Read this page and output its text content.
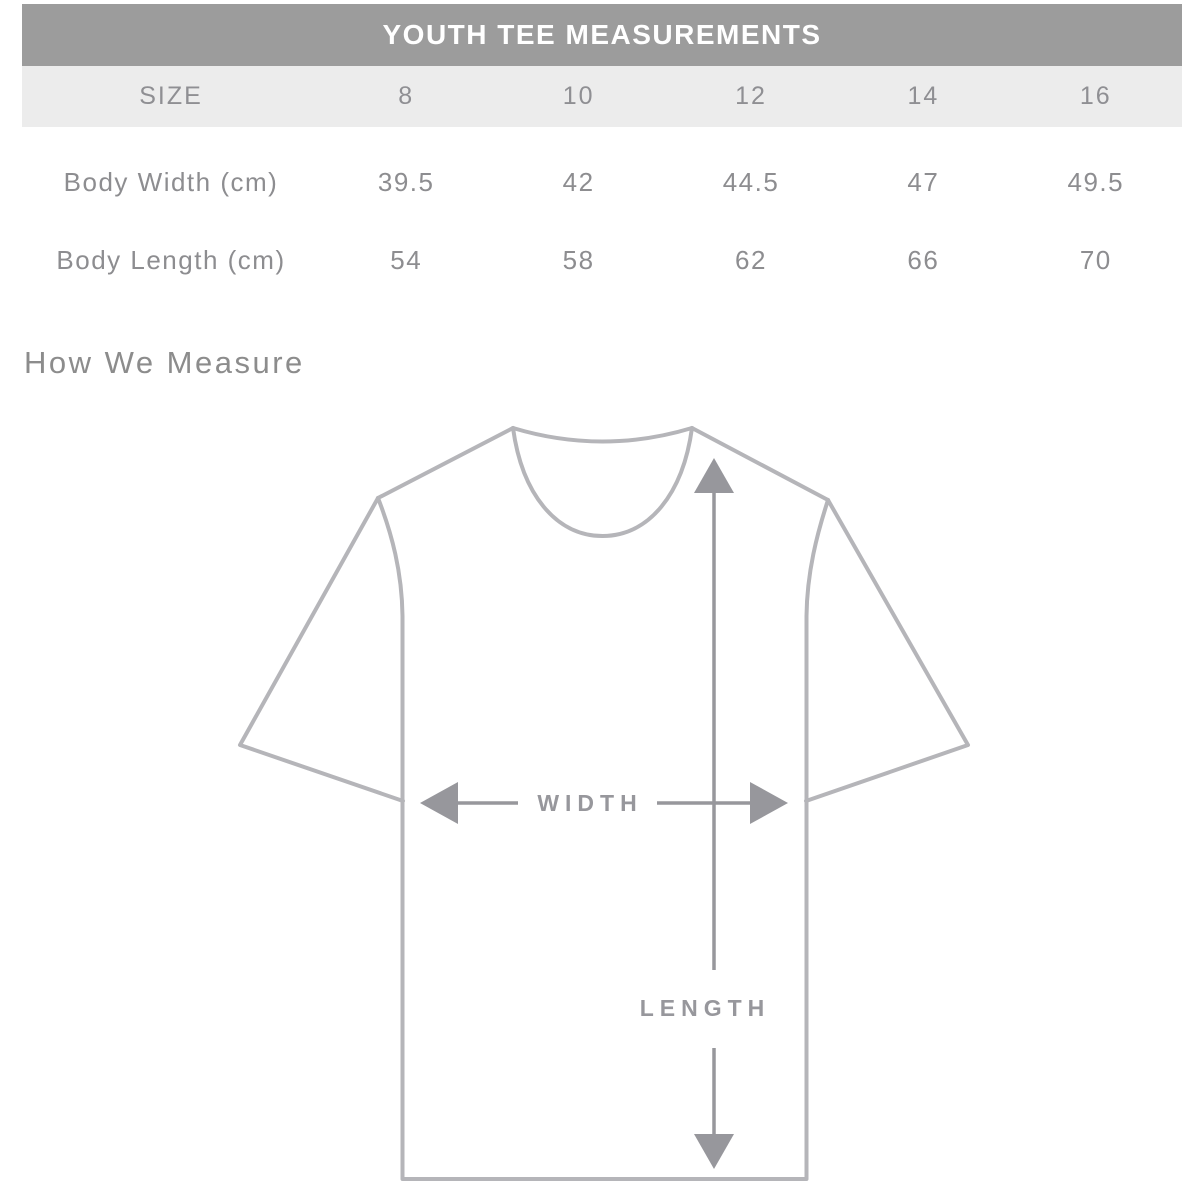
YOUTH TEE MEASUREMENTS
SIZE	8	10	12	14	16
Body Width (cm)	39.5	42	44.5	47	49.5
Body Length (cm)	54	58	62	66	70
How We Measure
LENGTH
WIDTH
